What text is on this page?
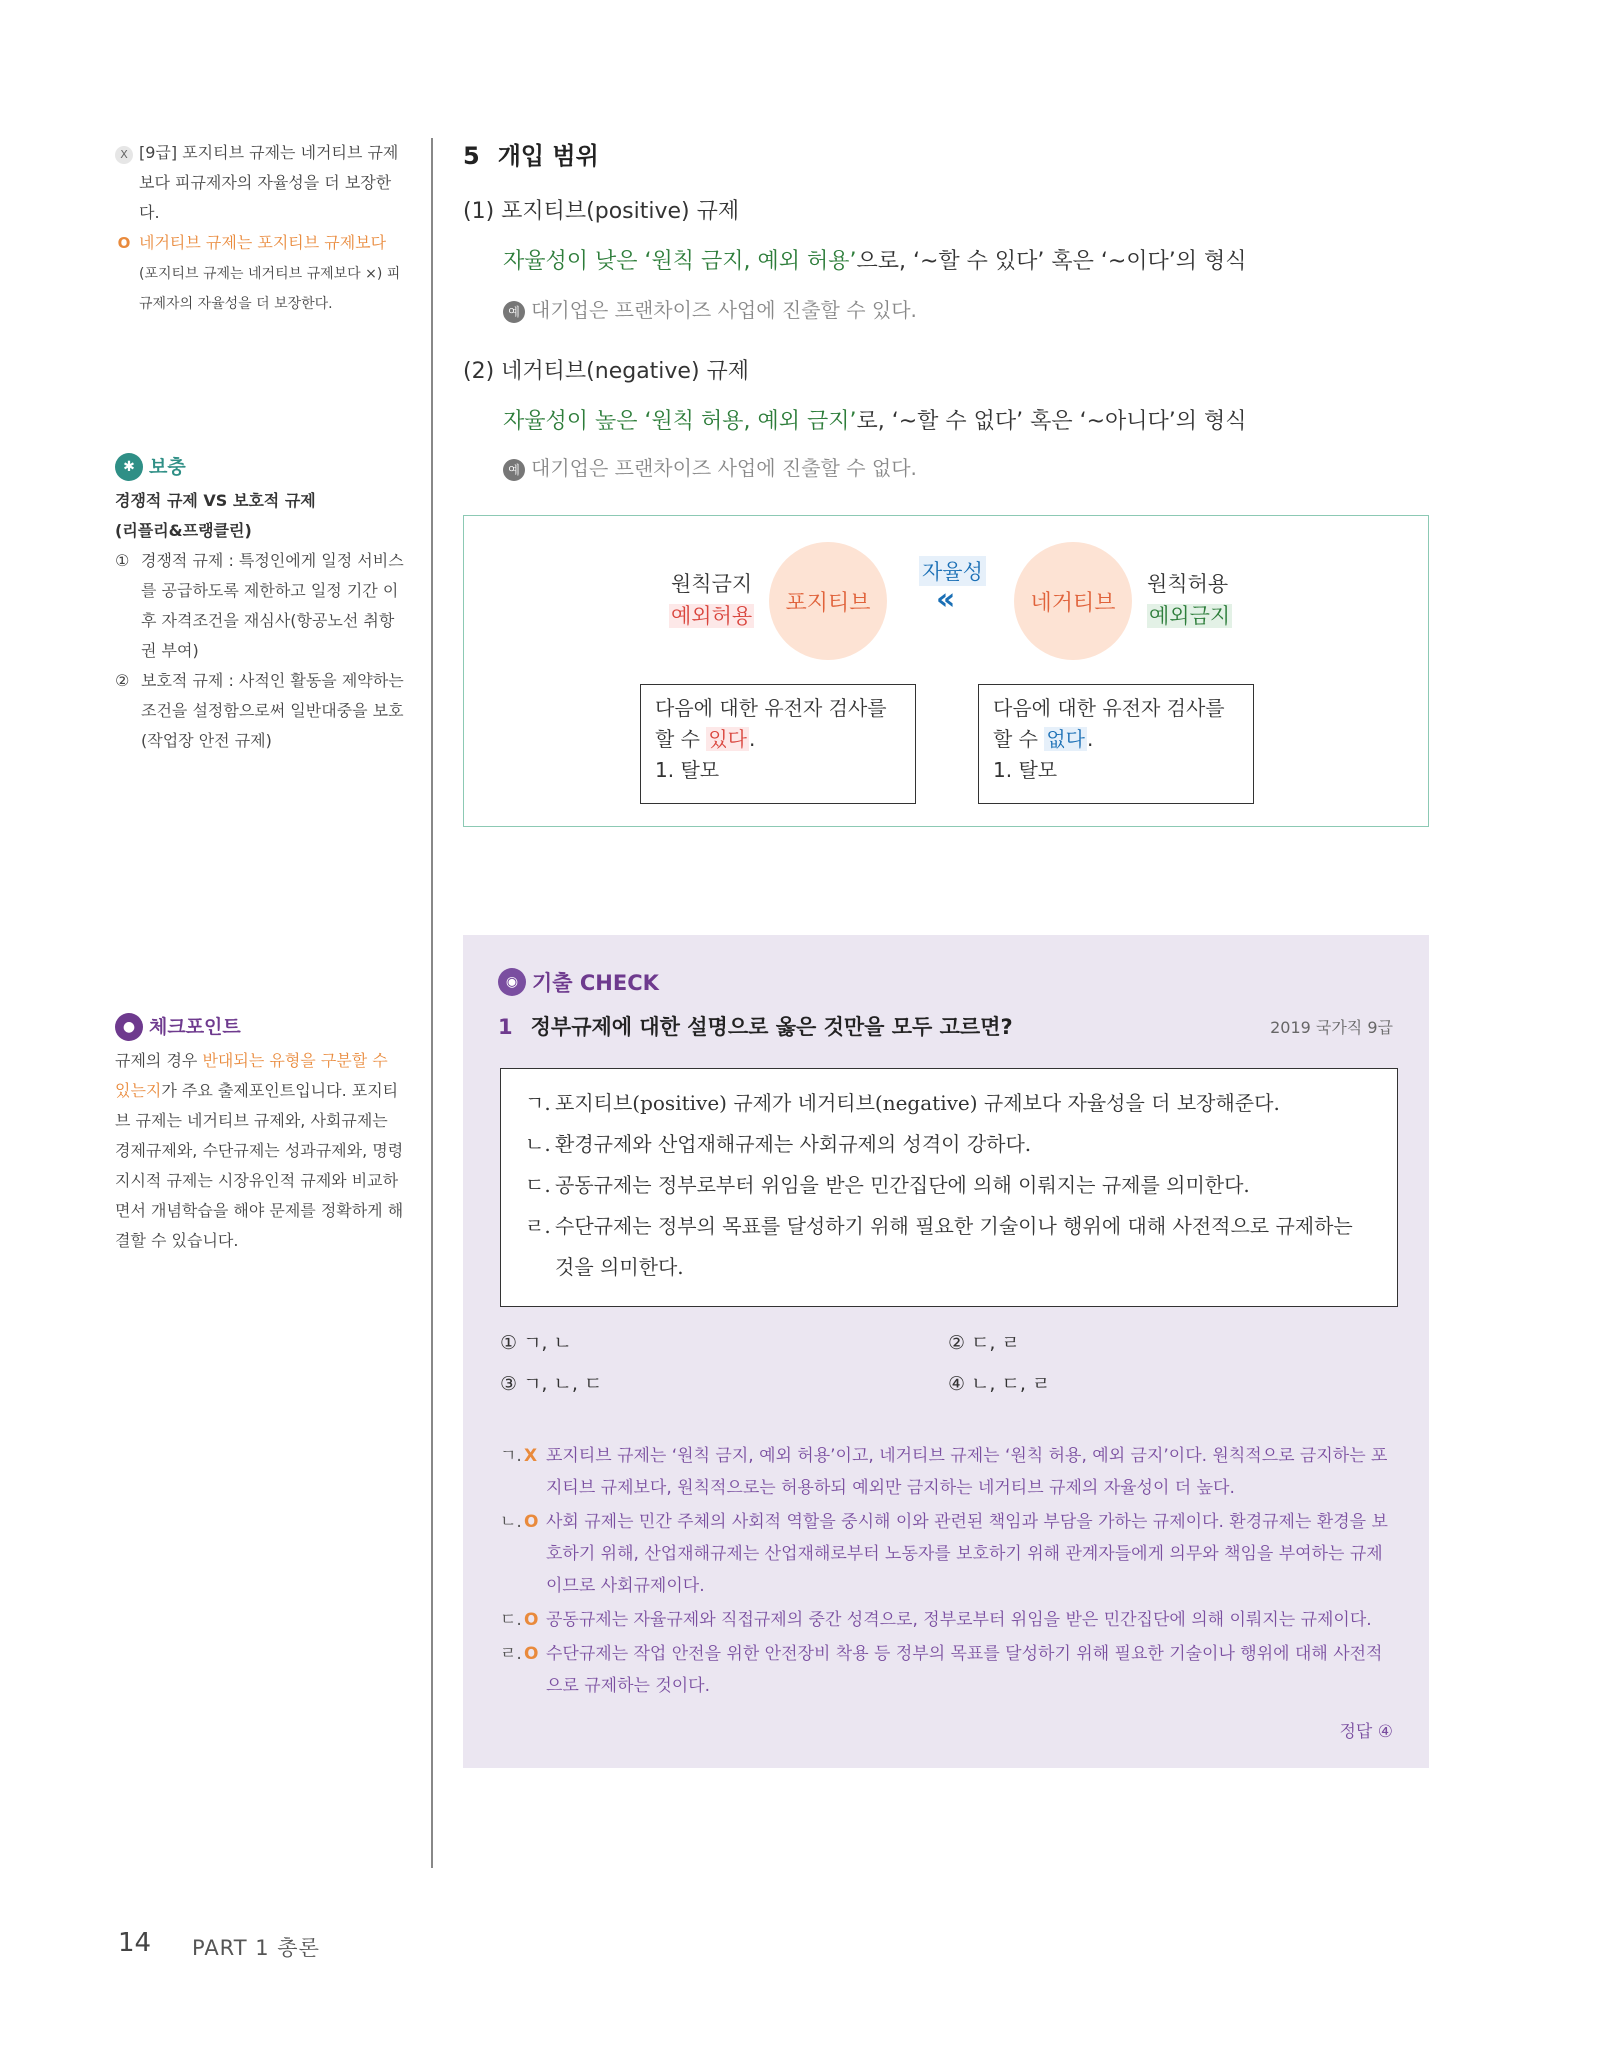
X [9급] 포지티브 규제는 네거티브 규제보다 피규제자의 자율성을 더 보장한다.
O 네거티브 규제는 포지티브 규제보다
(포지티브 규제는 네거티브 규제보다 ×) 피규제자의 자율성을 더 보장한다.
✱ 보충
경쟁적 규제 VS 보호적 규제
(리플리&프랭클린)
① 경쟁적 규제 : 특정인에게 일정 서비스를 공급하도록 제한하고 일정 기간 이후 자격조건을 재심사(항공노선 취항권 부여)
② 보호적 규제 : 사적인 활동을 제약하는 조건을 설정함으로써 일반대중을 보호(작업장 안전 규제)
● 체크포인트
규제의 경우 반대되는 유형을 구분할 수 있는지가 주요 출제포인트입니다. 포지티브 규제는 네거티브 규제와, 사회규제는 경제규제와, 수단규제는 성과규제와, 명령지시적 규제는 시장유인적 규제와 비교하면서 개념학습을 해야 문제를 정확하게 해결할 수 있습니다.
5 개입 범위
(1) 포지티브(positive) 규제
자율성이 낮은 ‘원칙 금지, 예외 허용’으로, ‘~할 수 있다’ 혹은 ‘~이다’의 형식
예 대기업은 프랜차이즈 사업에 진출할 수 있다.
(2) 네거티브(negative) 규제
자율성이 높은 ‘원칙 허용, 예외 금지’로, ‘~할 수 없다’ 혹은 ‘~아니다’의 형식
예 대기업은 프랜차이즈 사업에 진출할 수 없다.
원칙금지
예외허용
포지티브
자율성
«	네거티브
원칙허용
예외금지
다음에 대한 유전자 검사를
할 수 있다 .
1. 탈모
다음에 대한 유전자 검사를
할 수 없다 .
1. 탈모
◉ 기출 CHECK
1 정부규제에 대한 설명으로 옳은 것만을 모두 고르면?	2019 국가직 9급
ㄱ. 포지티브(positive) 규제가 네거티브(negative) 규제보다 자율성을 더 보장해준다.
ㄴ. 환경규제와 산업재해규제는 사회규제의 성격이 강하다.
ㄷ. 공동규제는 정부로부터 위임을 받은 민간집단에 의해 이뤄지는 규제를 의미한다.
ㄹ. 수단규제는 정부의 목표를 달성하기 위해 필요한 기술이나 행위에 대해 사전적으로 규제하는 것을 의미한다.
① ㄱ, ㄴ	② ㄷ, ㄹ
③ ㄱ, ㄴ, ㄷ	④ ㄴ, ㄷ, ㄹ
ㄱ. X 포지티브 규제는 ‘원칙 금지, 예외 허용’이고, 네거티브 규제는 ‘원칙 허용, 예외 금지’이다. 원칙적으로 금지하는 포지티브 규제보다, 원칙적으로는 허용하되 예외만 금지하는 네거티브 규제의 자율성이 더 높다.
ㄴ. O 사회 규제는 민간 주체의 사회적 역할을 중시해 이와 관련된 책임과 부담을 가하는 규제이다. 환경규제는 환경을 보호하기 위해, 산업재해규제는 산업재해로부터 노동자를 보호하기 위해 관계자들에게 의무와 책임을 부여하는 규제이므로 사회규제이다.
ㄷ. O 공동규제는 자율규제와 직접규제의 중간 성격으로, 정부로부터 위임을 받은 민간집단에 의해 이뤄지는 규제이다.
ㄹ. O 수단규제는 작업 안전을 위한 안전장비 착용 등 정부의 목표를 달성하기 위해 필요한 기술이나 행위에 대해 사전적으로 규제하는 것이다.
정답 ④
14 PART 1 총론
